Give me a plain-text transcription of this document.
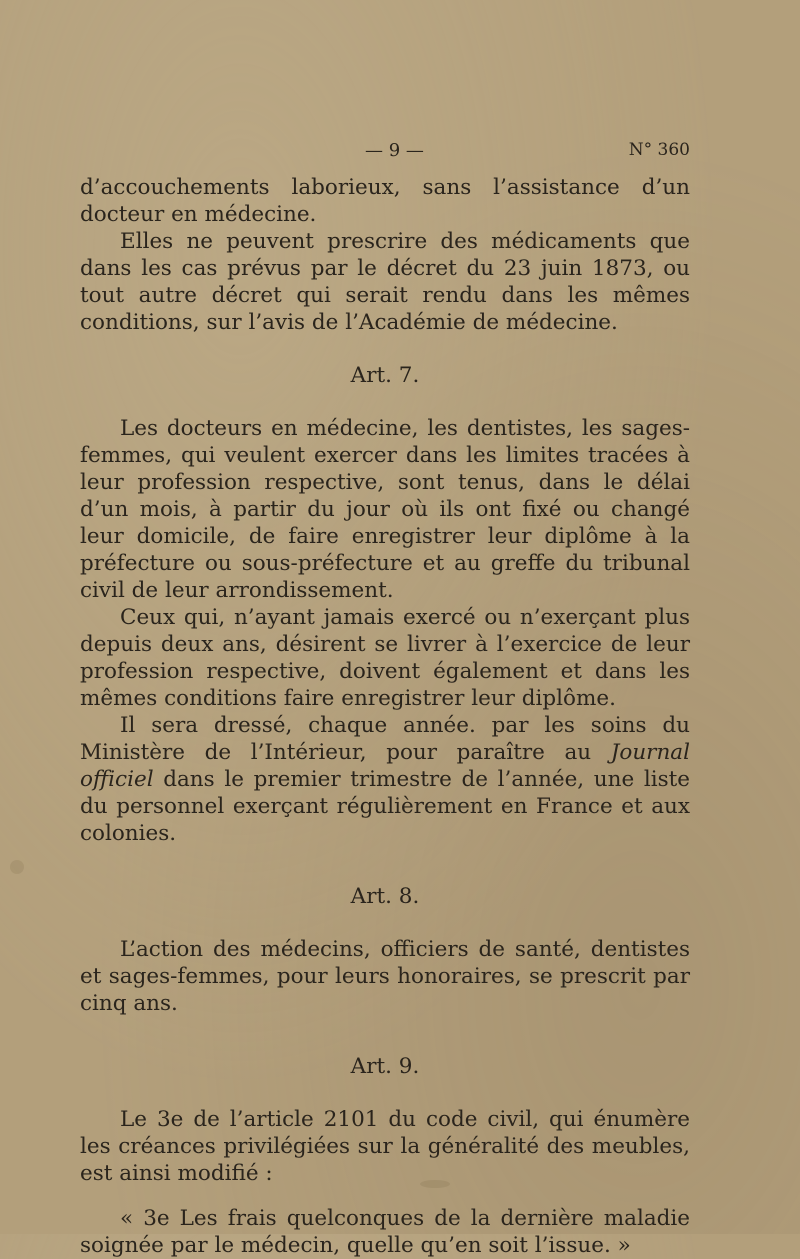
— 9 —	N° 360

d’accouchements laborieux, sans l’assistance d’un docteur en médecine.

Elles ne peuvent prescrire des médicaments que dans les cas prévus par le décret du 23 juin 1873, ou tout autre décret qui serait rendu dans les mêmes conditions, sur l’avis de l’Académie de médecine.

Art. 7.

Les docteurs en médecine, les dentistes, les sages-femmes, qui veulent exercer dans les limites tracées à leur profession respective, sont tenus, dans le délai d’un mois, à partir du jour où ils ont fixé ou changé leur domicile, de faire enregistrer leur diplôme à la préfecture ou sous-préfecture et au greffe du tribunal civil de leur arrondissement.

Ceux qui, n’ayant jamais exercé ou n’exerçant plus depuis deux ans, désirent se livrer à l’exercice de leur profession respective, doivent également et dans les mêmes conditions faire enregistrer leur diplôme.

Il sera dressé, chaque année. par les soins du Ministère de l’Intérieur, pour paraître au Journal officiel dans le premier trimestre de l’année, une liste du personnel exerçant régulièrement en France et aux colonies.

Art. 8.

L’action des médecins, officiers de santé, dentistes et sages-femmes, pour leurs honoraires, se prescrit par cinq ans.

Art. 9.

Le 3e de l’article 2101 du code civil, qui énumère les créances privilégiées sur la généralité des meubles, est ainsi modifié :

« 3e Les frais quelconques de la dernière maladie soignée par le médecin, quelle qu’en soit l’issue. »
